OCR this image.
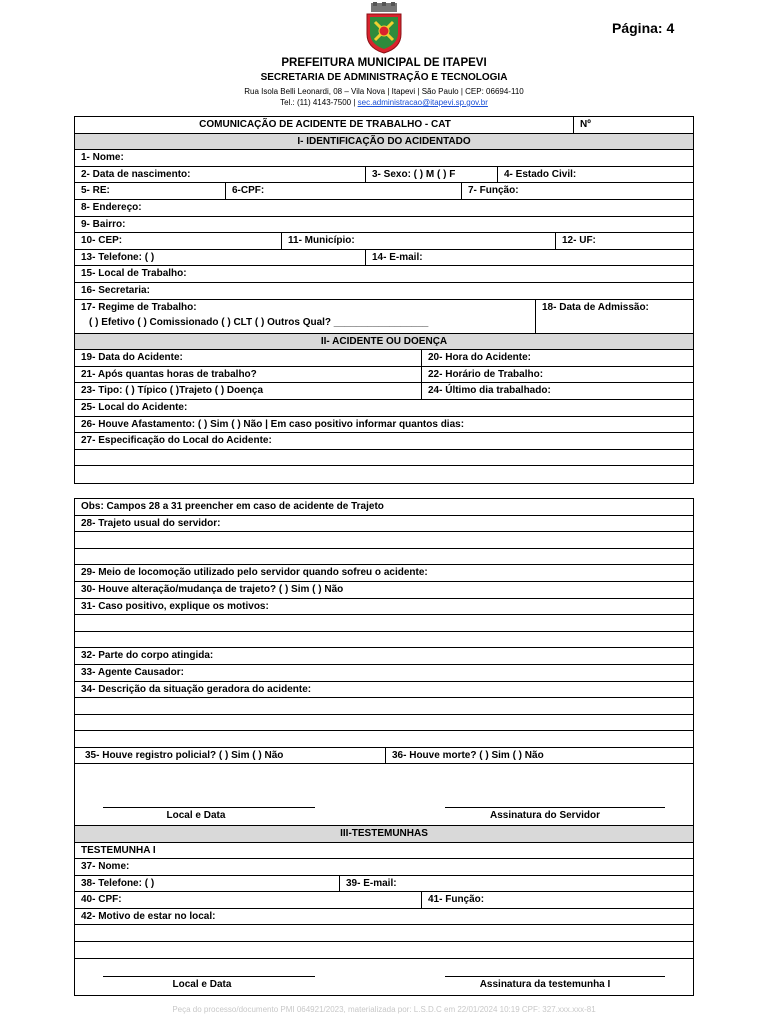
Página: 4
PREFEITURA MUNICIPAL DE ITAPEVI
SECRETARIA DE ADMINISTRAÇÃO E TECNOLOGIA
Rua Isola Belli Leonardi, 08 – Vila Nova | Itapevi | São Paulo | CEP: 06694-110
Tel.: (11) 4143-7500 | sec.administracao@itapevi.sp.gov.br
COMUNICAÇÃO DE ACIDENTE DE TRABALHO - CAT	Nº
I- IDENTIFICAÇÃO DO ACIDENTADO
1- Nome:
2- Data de nascimento:	3- Sexo: ( ) M ( ) F	4- Estado Civil:
5- RE:	6-CPF:	7- Função:
8- Endereço:
9- Bairro:
10- CEP:	11- Município:	12- UF:
13- Telefone: ( )	14- E-mail:
15- Local de Trabalho:
16- Secretaria:
17- Regime de Trabalho:
( ) Efetivo ( ) Comissionado ( ) CLT ( ) Outros Qual? _________________
18- Data de Admissão:
II- ACIDENTE OU DOENÇA
19- Data do Acidente:	20- Hora do Acidente:
21- Após quantas horas de trabalho?	22- Horário de Trabalho:
23- Tipo: ( ) Típico ( )Trajeto ( ) Doença	24- Último dia trabalhado:
25- Local do Acidente:
26- Houve Afastamento: ( ) Sim ( ) Não | Em caso positivo informar quantos dias:
27- Especificação do Local do Acidente:
Obs: Campos 28 a 31 preencher em caso de acidente de Trajeto
28- Trajeto usual do servidor:
29- Meio de locomoção utilizado pelo servidor quando sofreu o acidente:
30- Houve alteração/mudança de trajeto? ( ) Sim ( ) Não
31- Caso positivo, explique os motivos:
32- Parte do corpo atingida:
33- Agente Causador:
34- Descrição da situação geradora do acidente:
35- Houve registro policial? ( ) Sim ( ) Não	36- Houve morte? ( ) Sim ( ) Não
Local e Data	Assinatura do Servidor
III-TESTEMUNHAS
TESTEMUNHA I
37- Nome:
38- Telefone: ( )	39- E-mail:
40- CPF:	41- Função:
42- Motivo de estar no local:
Local e Data	Assinatura da testemunha I
Peça do processo/documento PMI 064921/2023, materializada por: L.S.D.C em 22/01/2024 10:19 CPF: 327.xxx.xxx-81
